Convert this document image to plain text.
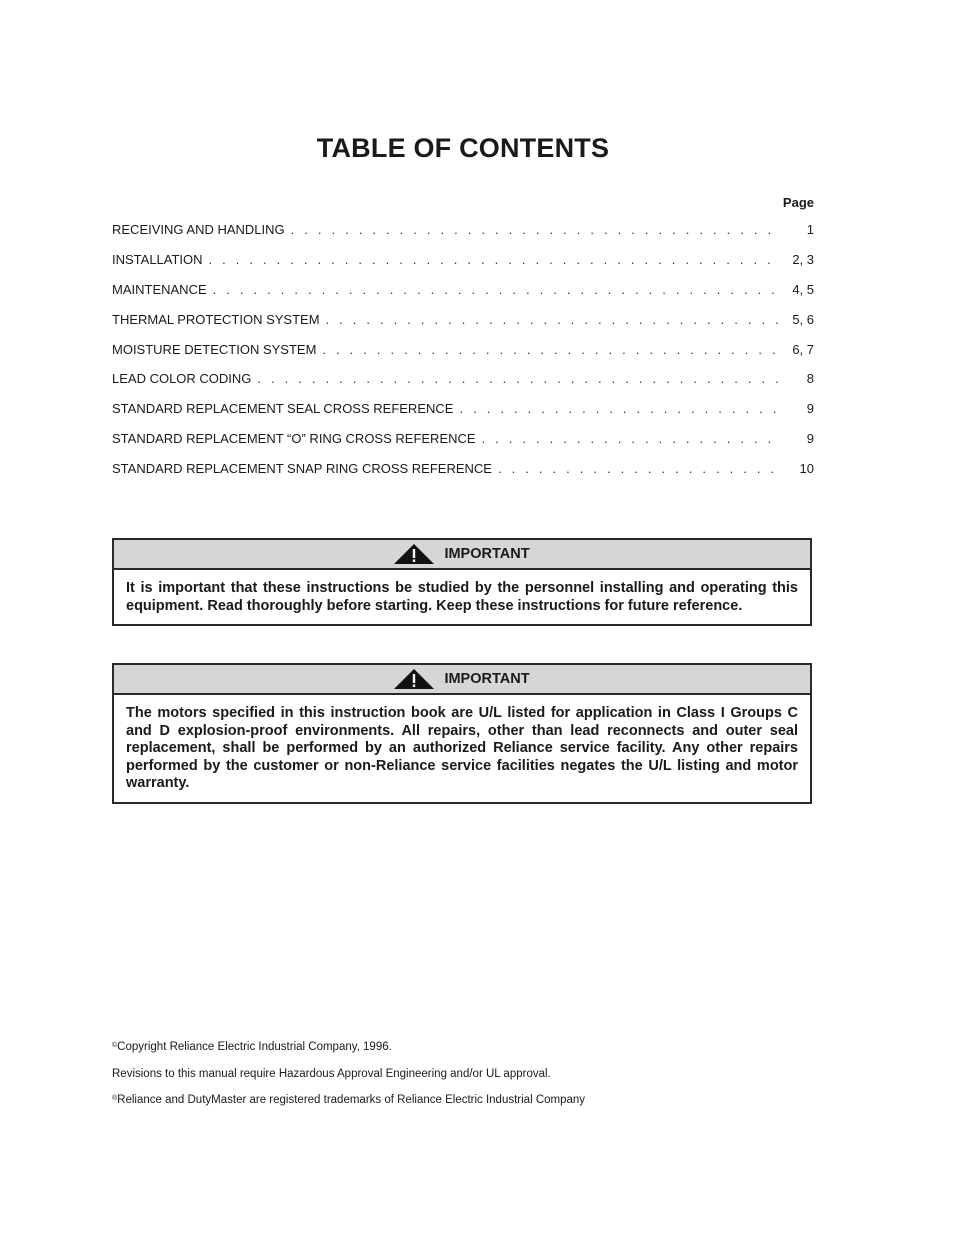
TABLE OF CONTENTS
Page
RECEIVING AND HANDLING . . .	1
INSTALLATION . . .	2, 3
MAINTENANCE . . .	4, 5
THERMAL PROTECTION SYSTEM . . .	5, 6
MOISTURE DETECTION SYSTEM . . .	6, 7
LEAD COLOR CODING . . .	8
STANDARD REPLACEMENT SEAL CROSS REFERENCE . . .	9
STANDARD REPLACEMENT “O” RING CROSS REFERENCE . . .	9
STANDARD REPLACEMENT SNAP RING CROSS REFERENCE . . .	10
IMPORTANT
It is important that these instructions be studied by the personnel installing and operating this equipment. Read thoroughly before starting. Keep these instructions for future reference.
IMPORTANT
The motors specified in this instruction book are U/L listed for application in Class I Groups C and D explosion-proof environments. All repairs, other than lead reconnects and outer seal replacement, shall be performed by an authorized Reliance service facility. Any other repairs performed by the customer or non-Reliance service facilities negates the U/L listing and motor warranty.
©Copyright Reliance Electric Industrial Company, 1996.
Revisions to this manual require Hazardous Approval Engineering and/or UL approval.
®Reliance and DutyMaster are registered trademarks of Reliance Electric Industrial Company
